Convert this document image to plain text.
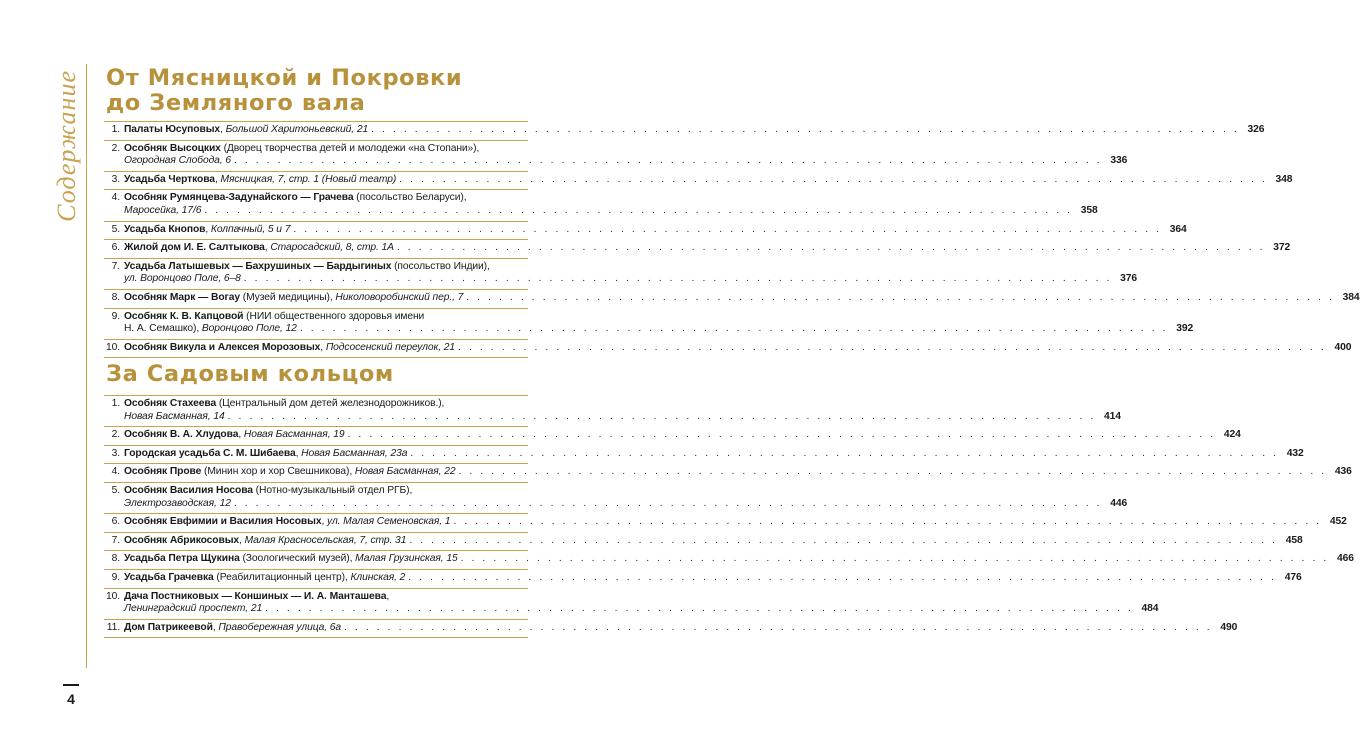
Содержание От Мясницкой и Покровки
до Земляного вала
1. Палаты Юсуповых, Большой Харитоньевский, 21 . . . . . . . . . . . . . . . . . . . . . . . . . . . . . . . . . . . . . . . . . . . . . . . . . . . . . . . . . . . . . . . . . . . . . . . . . . . . . . . . 326
2. Особняк Высоцких (Дворец творчества детей и молодежи «на Стопани»),
Огородная Слобода, 6 . . . . . . . . . . . . . . . . . . . . . . . . . . . . . . . . . . . . . . . . . . . . . . . . . . . . . . . . . . . . . . . . . . . . . . . . . . . . . . . . 336
3. Усадьба Черткова, Мясницкая, 7, стр. 1 (Новый театр) . . . . . . . . . . . . . . . . . . . . . . . . . . . . . . . . . . . . . . . . . . . . . . . . . . . . . . . . . . . . . . . . . . . . . . . . . . . . . . . . 348
4. Особняк Румянцева-Задунайского — Грачева (посольство Беларуси),
Маросейка, 17/6 . . . . . . . . . . . . . . . . . . . . . . . . . . . . . . . . . . . . . . . . . . . . . . . . . . . . . . . . . . . . . . . . . . . . . . . . . . . . . . . . 358
5. Усадьба Кнопов, Колпачный, 5 и 7 . . . . . . . . . . . . . . . . . . . . . . . . . . . . . . . . . . . . . . . . . . . . . . . . . . . . . . . . . . . . . . . . . . . . . . . . . . . . . . . . 364
6. Жилой дом И. Е. Салтыкова, Старосадский, 8, стр. 1А . . . . . . . . . . . . . . . . . . . . . . . . . . . . . . . . . . . . . . . . . . . . . . . . . . . . . . . . . . . . . . . . . . . . . . . . . . . . . . . . 372
7. Усадьба Латышевых — Бахрушиных — Бардыгиных (посольство Индии),
ул. Воронцово Поле, 6–8 . . . . . . . . . . . . . . . . . . . . . . . . . . . . . . . . . . . . . . . . . . . . . . . . . . . . . . . . . . . . . . . . . . . . . . . . . . . . . . . . 376
8. Особняк Марк — Вогау (Музей медицины), Николоворобинский пер., 7 . . . . . . . . . . . . . . . . . . . . . . . . . . . . . . . . . . . . . . . . . . . . . . . . . . . . . . . . . . . . . . . . . . . . . . . . . . . . . . . . 384
9. Особняк К. В. Капцовой (НИИ общественного здоровья имени
Н. А. Семашко), Воронцово Поле, 12 . . . . . . . . . . . . . . . . . . . . . . . . . . . . . . . . . . . . . . . . . . . . . . . . . . . . . . . . . . . . . . . . . . . . . . . . . . . . . . . . 392
10. Особняк Викула и Алексея Морозовых, Подсосенский переулок, 21 . . . . . . . . . . . . . . . . . . . . . . . . . . . . . . . . . . . . . . . . . . . . . . . . . . . . . . . . . . . . . . . . . . . . . . . . . . . . . . . . 400
За Садовым кольцом
1. Особняк Стахеева (Центральный дом детей железнодорожников.),
Новая Басманная, 14 . . . . . . . . . . . . . . . . . . . . . . . . . . . . . . . . . . . . . . . . . . . . . . . . . . . . . . . . . . . . . . . . . . . . . . . . . . . . . . . . 414
2. Особняк В. А. Хлудова, Новая Басманная, 19 . . . . . . . . . . . . . . . . . . . . . . . . . . . . . . . . . . . . . . . . . . . . . . . . . . . . . . . . . . . . . . . . . . . . . . . . . . . . . . . . 424
3. Городская усадьба С. М. Шибаева, Новая Басманная, 23а . . . . . . . . . . . . . . . . . . . . . . . . . . . . . . . . . . . . . . . . . . . . . . . . . . . . . . . . . . . . . . . . . . . . . . . . . . . . . . . . 432
4. Особняк Прове (Минин хор и хор Свешникова), Новая Басманная, 22 . . . . . . . . . . . . . . . . . . . . . . . . . . . . . . . . . . . . . . . . . . . . . . . . . . . . . . . . . . . . . . . . . . . . . . . . . . . . . . . . 436
5. Особняк Василия Носова (Нотно-музыкальный отдел РГБ),
Электрозаводская, 12 . . . . . . . . . . . . . . . . . . . . . . . . . . . . . . . . . . . . . . . . . . . . . . . . . . . . . . . . . . . . . . . . . . . . . . . . . . . . . . . . 446
6. Особняк Евфимии и Василия Носовых, ул. Малая Семеновская, 1 . . . . . . . . . . . . . . . . . . . . . . . . . . . . . . . . . . . . . . . . . . . . . . . . . . . . . . . . . . . . . . . . . . . . . . . . . . . . . . . . 452
7. Особняк Абрикосовых, Малая Красносельская, 7, стр. 31 . . . . . . . . . . . . . . . . . . . . . . . . . . . . . . . . . . . . . . . . . . . . . . . . . . . . . . . . . . . . . . . . . . . . . . . . . . . . . . . . 458
8. Усадьба Петра Щукина (Зоологический музей), Малая Грузинская, 15 . . . . . . . . . . . . . . . . . . . . . . . . . . . . . . . . . . . . . . . . . . . . . . . . . . . . . . . . . . . . . . . . . . . . . . . . . . . . . . . . 466
9. Усадьба Грачевка (Реабилитационный центр), Клинская, 2 . . . . . . . . . . . . . . . . . . . . . . . . . . . . . . . . . . . . . . . . . . . . . . . . . . . . . . . . . . . . . . . . . . . . . . . . . . . . . . . . 476
10. Дача Постниковых — Коншиных — И. А. Манташева,
Ленинградский проспект, 21 . . . . . . . . . . . . . . . . . . . . . . . . . . . . . . . . . . . . . . . . . . . . . . . . . . . . . . . . . . . . . . . . . . . . . . . . . . . . . . . . 484
11. Дом Патрикеевой, Правобережная улица, 6а . . . . . . . . . . . . . . . . . . . . . . . . . . . . . . . . . . . . . . . . . . . . . . . . . . . . . . . . . . . . . . . . . . . . . . . . . . . . . . . . 490
4
